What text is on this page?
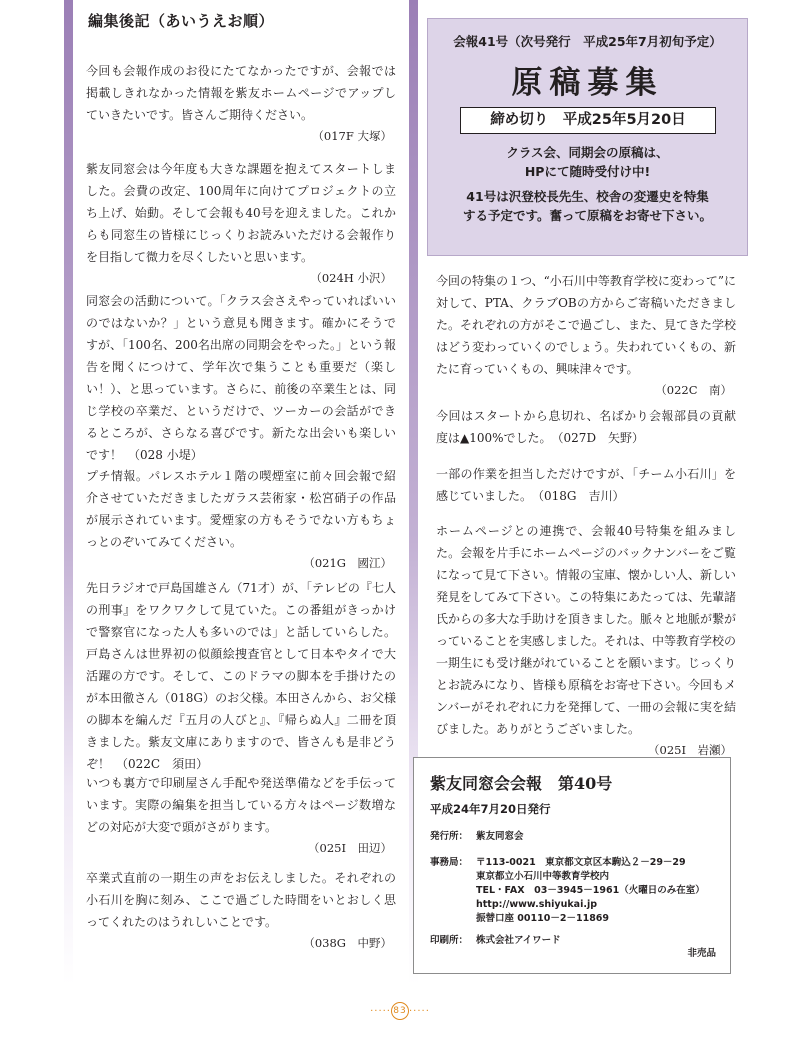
編集後記（あいうえお順）

今回も会報作成のお役にたてなかったですが、会報では掲載しきれなかった情報を紫友ホームページでアップしていきたいです。皆さんご期待ください。

（017F 大塚）

紫友同窓会は今年度も大きな課題を抱えてスタートしました。会費の改定、100周年に向けてプロジェクトの立ち上げ、始動。そして会報も40号を迎えました。これからも同窓生の皆様にじっくりお読みいただける会報作りを目指して微力を尽くしたいと思います。

（024H 小沢）

同窓会の活動について。「クラス会さえやっていればいいのではないか？」という意見も聞きます。確かにそうですが、「100名、200名出席の同期会をやった。」という報告を聞くにつけて、学年次で集うことも重要だ（楽しい！）、と思っています。さらに、前後の卒業生とは、同じ学校の卒業だ、というだけで、ツーカーの会話ができるところが、さらなる喜びです。新たな出会いも楽しいです！　（028 小堤）

プチ情報。パレスホテル１階の喫煙室に前々回会報で紹介させていただきましたガラス芸術家・松宮硝子の作品が展示されています。愛煙家の方もそうでない方もちょっとのぞいてみてください。

（021G　國江）

先日ラジオで戸島国雄さん（71才）が、「テレビの『七人の刑事』をワクワクして見ていた。この番組がきっかけで警察官になった人も多いのでは」と話していらした。戸島さんは世界初の似顔絵捜査官として日本やタイで大活躍の方です。そして、このドラマの脚本を手掛けたのが本田徹さん（018G）のお父様。本田さんから、お父様の脚本を編んだ『五月の人びと』、『帰らぬ人』二冊を頂きました。紫友文庫にありますので、皆さんも是非どうぞ！　（022C　須田）

いつも裏方で印刷屋さん手配や発送準備などを手伝っています。実際の編集を担当している方々はページ数増などの対応が大変で頭がさがります。

（025I　田辺）

卒業式直前の一期生の声をお伝えしました。それぞれの小石川を胸に刻み、ここで過ごした時間をいとおしく思ってくれたのはうれしいことです。

（038G　中野）

会報41号（次号発行　平成25年7月初旬予定）
原稿募集
締め切り　平成25年5月20日
クラス会、同期会の原稿は、
HPにて随時受付け中!
41号は沢登校長先生、校舎の変遷史を特集
する予定です。奮って原稿をお寄せ下さい。

今回の特集の１つ、“小石川中等教育学校に変わって”に対して、PTA、クラブOBの方からご寄稿いただきました。それぞれの方がそこで過ごし、また、見てきた学校はどう変わっていくのでしょう。失われていくもの、新たに育っていくもの、興味津々です。

（022C　南）

今回はスタートから息切れ、名ばかり会報部員の貢献度は▲100%でした。　（027D　矢野）

一部の作業を担当しただけですが、「チーム小石川」を感じていました。　（018G　吉川）

ホームページとの連携で、会報40号特集を組みました。会報を片手にホームページのバックナンバーをご覧になって見て下さい。情報の宝庫、懐かしい人、新しい発見をしてみて下さい。この特集にあたっては、先輩諸氏からの多大な手助けを頂きました。脈々と地脈が繋がっていることを実感しました。それは、中等教育学校の一期生にも受け継がれていることを願います。じっくりとお読みになり、皆様も原稿をお寄せ下さい。今回もメンバーがそれぞれに力を発揮して、一冊の会報に実を結びました。ありがとうございました。

（025I　岩瀬）

紫友同窓会会報　第40号
平成24年7月20日発行
発行所： 紫友同窓会
事務局： 〒113-0021　東京都文京区本駒込２－29－29
東京都立小石川中等教育学校内
TEL・FAX　03－3945－1961（火曜日のみ在室）
http://www.shiyukai.jp
振替口座 00110－2－11869
印刷所： 株式会社アイワード
非売品
····· 83 ·····
